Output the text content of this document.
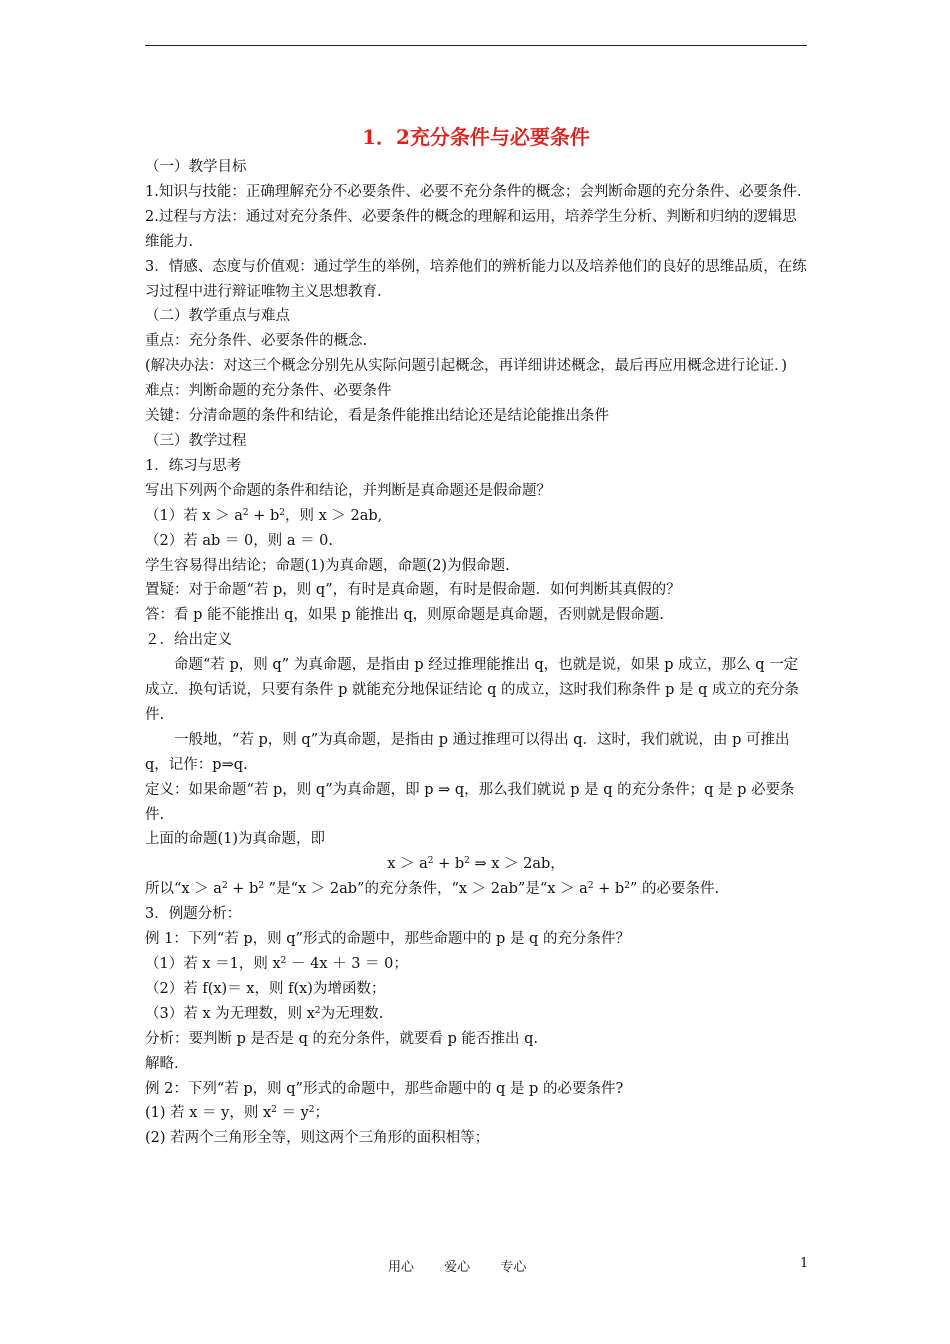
1．2充分条件与必要条件

（一）教学目标

1.知识与技能：正确理解充分不必要条件、必要不充分条件的概念；会判断命题的充分条件、必要条件.

2.过程与方法：通过对充分条件、必要条件的概念的理解和运用，培养学生分析、判断和归纳的逻辑思维能力.

3．情感、态度与价值观：通过学生的举例，培养他们的辨析能力以及培养他们的良好的思维品质，在练习过程中进行辩证唯物主义思想教育.

（二）教学重点与难点

重点：充分条件、必要条件的概念.

(解决办法：对这三个概念分别先从实际问题引起概念，再详细讲述概念，最后再应用概念进行论证．)

难点：判断命题的充分条件、必要条件

关键：分清命题的条件和结论，看是条件能推出结论还是结论能推出条件

（三）教学过程

1．练习与思考

写出下列两个命题的条件和结论，并判断是真命题还是假命题？

（1）若 $x > a^2 + b^2$，则 x ＞ 2ab,

（2）若 ab ＝ 0，则 a ＝ 0.

学生容易得出结论；命题(1)为真命题，命题(2)为假命题.

置疑：对于命题“若 p，则 q”，有时是真命题，有时是假命题．如何判断其真假的？

答：看 p 能不能推出 q，如果 p 能推出 q，则原命题是真命题，否则就是假命题.

２．给出定义

命题“若 p，则 q” 为真命题，是指由 p 经过推理能推出 q，也就是说，如果 p 成立，那么 q 一定成立．换句话说，只要有条件 p 就能充分地保证结论 q 的成立，这时我们称条件 p 是 q 成立的充分条件.

一般地，“若 p，则 q”为真命题，是指由 p 通过推理可以得出 q．这时，我们就说，由 p 可推出 q，记作：p⇒q.

定义：如果命题“若 p，则 q”为真命题，即 p ⇒ q，那么我们就说 p 是 q 的充分条件；q 是 p 必要条件.

上面的命题(1)为真命题，即

$x > a^2 + b^2$ ⇒ x ＞ 2ab，

所以“$x > a^2 + b^2$ ”是“x ＞ 2ab”的充分条件，“x ＞ 2ab”是“$x > a^2 + b^2$” 的必要条件.

3．例题分析：

例 1：下列“若 p，则 q”形式的命题中，那些命题中的 p 是 q 的充分条件？

（1）若 x ＝1，则 $x^2 - 4x + 3 = 0$；

（2）若 f(x)＝ x，则 f(x)为增函数；

（3）若 x 为无理数，则 $x^2$为无理数.

分析：要判断 p 是否是 q 的充分条件，就要看 p 能否推出 q.

解略.

例 2：下列“若 p，则 q”形式的命题中，那些命题中的 q 是 p 的必要条件?

(1) 若 x ＝ y，则 $x^2 = y^2$；

(2) 若两个三角形全等，则这两个三角形的面积相等；

用心 爱心 专心	1
